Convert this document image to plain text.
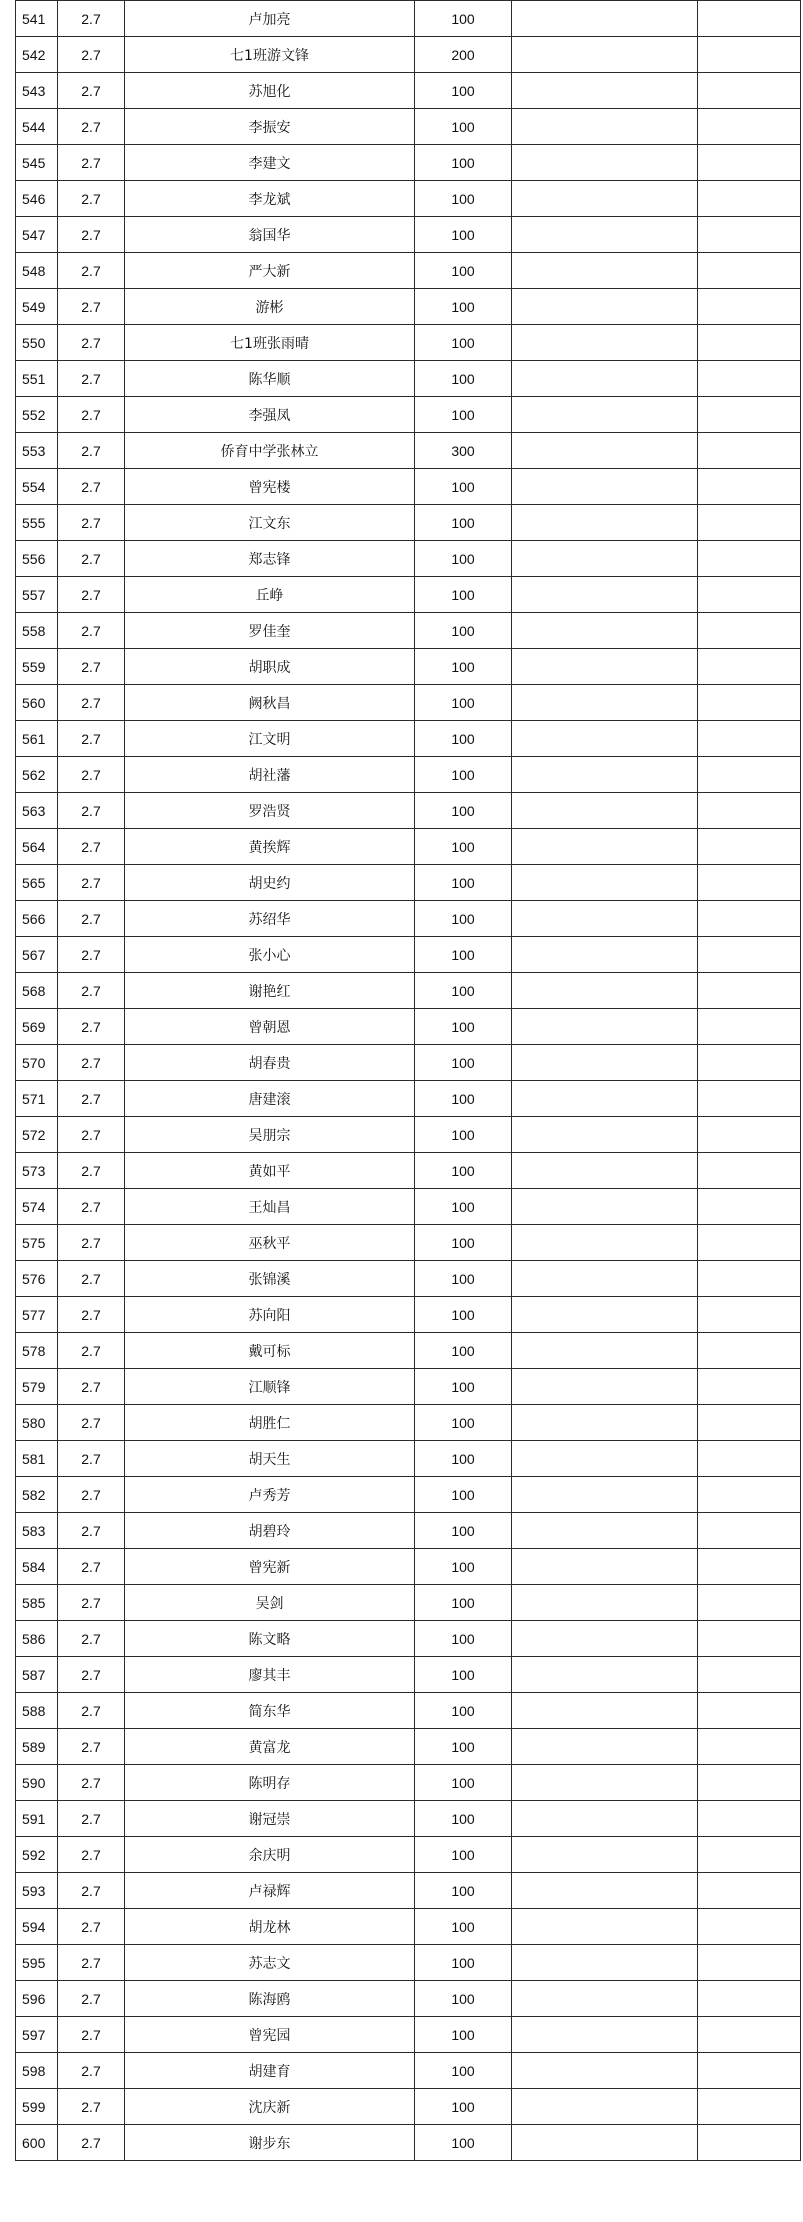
541	2.7	卢加亮	100		
542	2.7	七1班游文锋	200		
543	2.7	苏旭化	100		
544	2.7	李振安	100		
545	2.7	李建文	100		
546	2.7	李龙斌	100		
547	2.7	翁国华	100		
548	2.7	严大新	100		
549	2.7	游彬	100		
550	2.7	七1班张雨晴	100		
551	2.7	陈华顺	100		
552	2.7	李强凤	100		
553	2.7	侨育中学张林立	300		
554	2.7	曾宪楼	100		
555	2.7	江文东	100		
556	2.7	郑志锋	100		
557	2.7	丘峥	100		
558	2.7	罗佳奎	100		
559	2.7	胡职成	100		
560	2.7	阙秋昌	100		
561	2.7	江文明	100		
562	2.7	胡社藩	100		
563	2.7	罗浩贤	100		
564	2.7	黄挨辉	100		
565	2.7	胡史约	100		
566	2.7	苏绍华	100		
567	2.7	张小心	100		
568	2.7	谢艳红	100		
569	2.7	曾朝恩	100		
570	2.7	胡春贵	100		
571	2.7	唐建滚	100		
572	2.7	吴朋宗	100		
573	2.7	黄如平	100		
574	2.7	王灿昌	100		
575	2.7	巫秋平	100		
576	2.7	张锦溪	100		
577	2.7	苏向阳	100		
578	2.7	戴可标	100		
579	2.7	江顺锋	100		
580	2.7	胡胜仁	100		
581	2.7	胡天生	100		
582	2.7	卢秀芳	100		
583	2.7	胡碧玲	100		
584	2.7	曾宪新	100		
585	2.7	吴剑	100		
586	2.7	陈文略	100		
587	2.7	廖其丰	100		
588	2.7	简东华	100		
589	2.7	黄富龙	100		
590	2.7	陈明存	100		
591	2.7	谢冠崇	100		
592	2.7	余庆明	100		
593	2.7	卢禄辉	100		
594	2.7	胡龙林	100		
595	2.7	苏志文	100		
596	2.7	陈海鸥	100		
597	2.7	曾宪园	100		
598	2.7	胡建育	100		
599	2.7	沈庆新	100		
600	2.7	谢步东	100		
